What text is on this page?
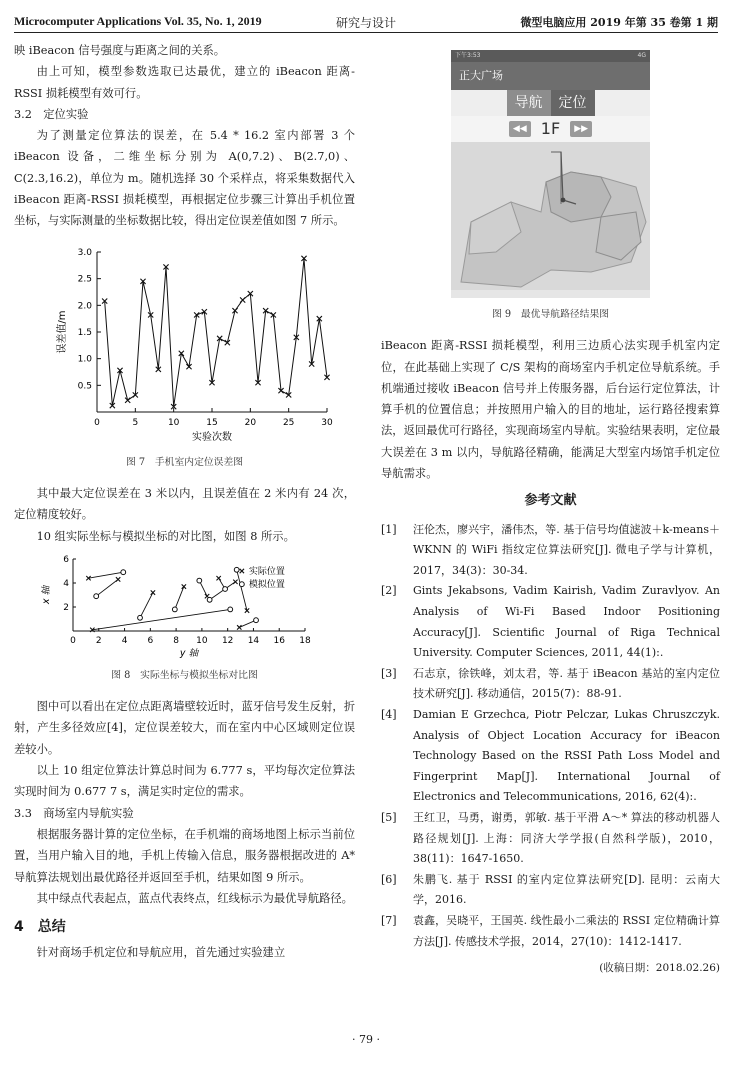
Microcomputer Applications Vol. 35, No. 1, 2019	研究与设计	微型电脑应用 2019 年第 35 卷第 1 期

映 iBeacon 信号强度与距离之间的关系。

由上可知，模型参数选取已达最优，建立的 iBeacon 距离-RSSI 损耗模型有效可行。

3.2　定位实验

为了测量定位算法的误差，在 5.4 * 16.2 室内部署 3 个 iBeacon 设备，二维坐标分别为 A(0,7.2)、B(2.7,0)、C(2.3,16.2)，单位为 m。随机选择 30 个采样点，将采集数据代入 iBeacon 距离-RSSI 损耗模型，再根据定位步骤三计算出手机位置坐标，与实际测量的坐标数据比较，得出定位误差值如图 7 所示。

0.5
1.0
1.5
2.0
2.5
3.0
0	5	10	15	20	25	30
实验次数
误差值/m
图 7　手机室内定位误差图

其中最大定位误差在 3 米以内，且误差值在 2 米内有 24 次，定位精度较好。

10 组实际坐标与模拟坐标的对比图，如图 8 所示。

2
4
6
0 2 4 6 8 10 12 14 16 18
y 轴
x 轴
实际位置
模拟位置
图 8　实际坐标与模拟坐标对比图

图中可以看出在定位点距离墙壁较近时，蓝牙信号发生反射，折射，产生多径效应[4]，定位误差较大，而在室内中心区域则定位误差较小。

以上 10 组定位算法计算总时间为 6.777 s，平均每次定位算法实现时间为 0.677 7 s，满足实时定位的需求。

3.3　商场室内导航实验

根据服务器计算的定位坐标，在手机端的商场地图上标示当前位置，当用户输入目的地，手机上传输入信息，服务器根据改进的 A* 导航算法规划出最优路径并返回至手机，结果如图 9 所示。

其中绿点代表起点，蓝点代表终点，红线标示为最优导航路径。

4　总结

针对商场手机定位和导航应用，首先通过实验建立

下午3:53	4G
正大广场
导航	定位
◀◀ 1F	▶▶
图 9　最优导航路径结果图

iBeacon 距离-RSSI 损耗模型，利用三边质心法实现手机室内定位，在此基础上实现了 C/S 架构的商场室内手机定位导航系统。手机端通过接收 iBeacon 信号并上传服务器，后台运行定位算法，计算手机的位置信息；并按照用户输入的目的地址，运行路径搜索算法，返回最优可行路径，实现商场室内导航。实验结果表明，定位最大误差在 3 m 以内，导航路径精确，能满足大型室内场馆手机定位导航需求。

参考文献
[1]	汪伦杰，廖兴宇，潘伟杰，等. 基于信号均值滤波＋k-means＋WKNN 的 WiFi 指纹定位算法研究[J]. 微电子学与计算机，2017，34(3)：30-34.
[2]	Gints Jekabsons, Vadim Kairish, Vadim Zuravlyov. An Analysis of Wi-Fi Based Indoor Positioning Accuracy[J]. Scientific Journal of Riga Technical University. Computer Sciences, 2011, 44(1):.
[3]	石志京，徐铁峰，刘太君，等. 基于 iBeacon 基站的室内定位技术研究[J]. 移动通信，2015(7)：88-91.
[4]	Damian E Grzechca, Piotr Pelczar, Lukas Chruszczyk. Analysis of Object Location Accuracy for iBeacon Technology Based on the RSSI Path Loss Model and Fingerprint Map[J]. International Journal of Electronics and Telecommunications, 2016, 62(4):.
[5]	王红卫，马勇，谢勇，郭敏. 基于平滑 A～* 算法的移动机器人路径规划[J]. 上海：同济大学学报(自然科学版)，2010，38(11)：1647-1650.
[6]	朱鹏飞. 基于 RSSI 的室内定位算法研究[D]. 昆明：云南大学，2016.
[7]	袁鑫，吴晓平，王国英. 线性最小二乘法的 RSSI 定位精确计算方法[J]. 传感技术学报，2014，27(10)：1412-1417.
(收稿日期：2018.02.26)
· 79 ·
